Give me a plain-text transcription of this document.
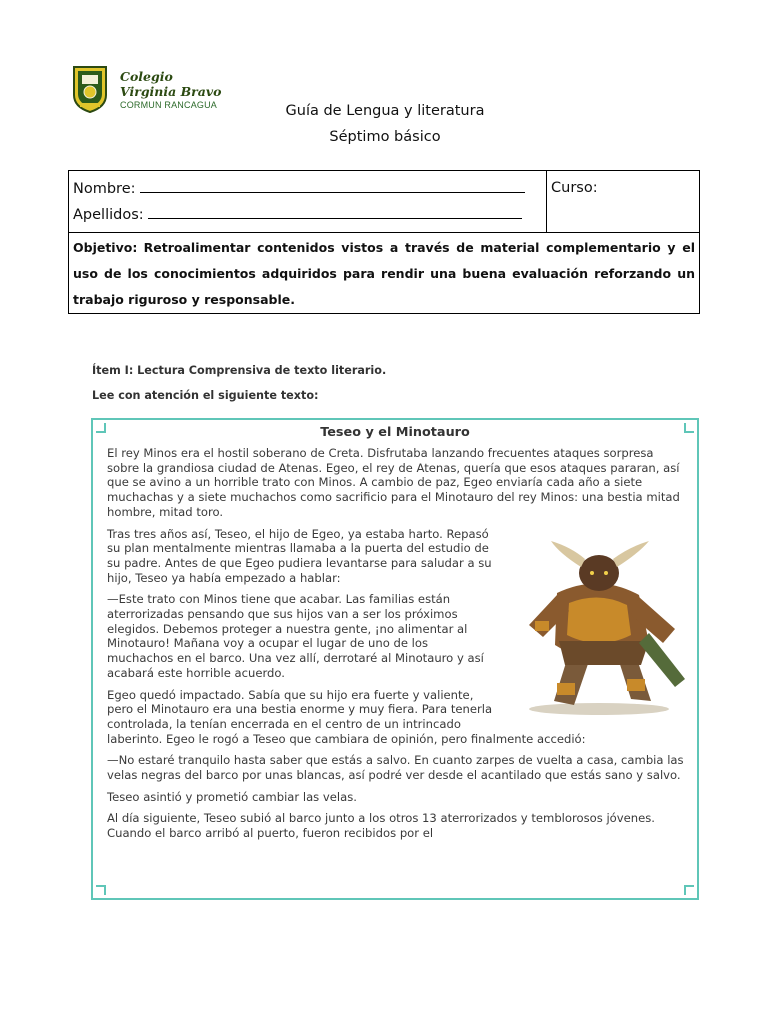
Colegio
Virginia Bravo
CORMUN RANCAGUA	Guía de Lengua y literatura
Séptimo básico
Nombre:
Apellidos:
	Curso:
Objetivo: Retroalimentar contenidos vistos a través de material complementario y el uso de los conocimientos adquiridos para rendir una buena evaluación reforzando un trabajo riguroso y responsable.
Ítem I: Lectura Comprensiva de texto literario.
Lee con atención el siguiente texto:
Teseo y el Minotauro

El rey Minos era el hostil soberano de Creta. Disfrutaba lanzando frecuentes ataques sorpresa sobre la grandiosa ciudad de Atenas. Egeo, el rey de Atenas, quería que esos ataques pararan, así que se avino a un horrible trato con Minos. A cambio de paz, Egeo enviaría cada año a siete muchachas y a siete muchachos como sacrificio para el Minotauro del rey Minos: una bestia mitad hombre, mitad toro.

Tras tres años así, Teseo, el hijo de Egeo, ya estaba harto. Repasó su plan mentalmente mientras llamaba a la puerta del estudio de su padre. Antes de que Egeo pudiera levantarse para saludar a su hijo, Teseo ya había empezado a hablar:

—Este trato con Minos tiene que acabar. Las familias están aterrorizadas pensando que sus hijos van a ser los próximos elegidos. Debemos proteger a nuestra gente, ¡no alimentar al Minotauro! Mañana voy a ocupar el lugar de uno de los muchachos en el barco. Una vez allí, derrotaré al Minotauro y así acabará este horrible acuerdo.

Egeo quedó impactado. Sabía que su hijo era fuerte y valiente, pero el Minotauro era una bestia enorme y muy fiera. Para tenerla controlada, la tenían encerrada en el centro de un intrincado laberinto. Egeo le rogó a Teseo que cambiara de opinión, pero finalmente accedió:

—No estaré tranquilo hasta saber que estás a salvo. En cuanto zarpes de vuelta a casa, cambia las velas negras del barco por unas blancas, así podré ver desde el acantilado que estás sano y salvo.

Teseo asintió y prometió cambiar las velas.

Al día siguiente, Teseo subió al barco junto a los otros 13 aterrorizados y temblorosos jóvenes. Cuando el barco arribó al puerto, fueron recibidos por el
